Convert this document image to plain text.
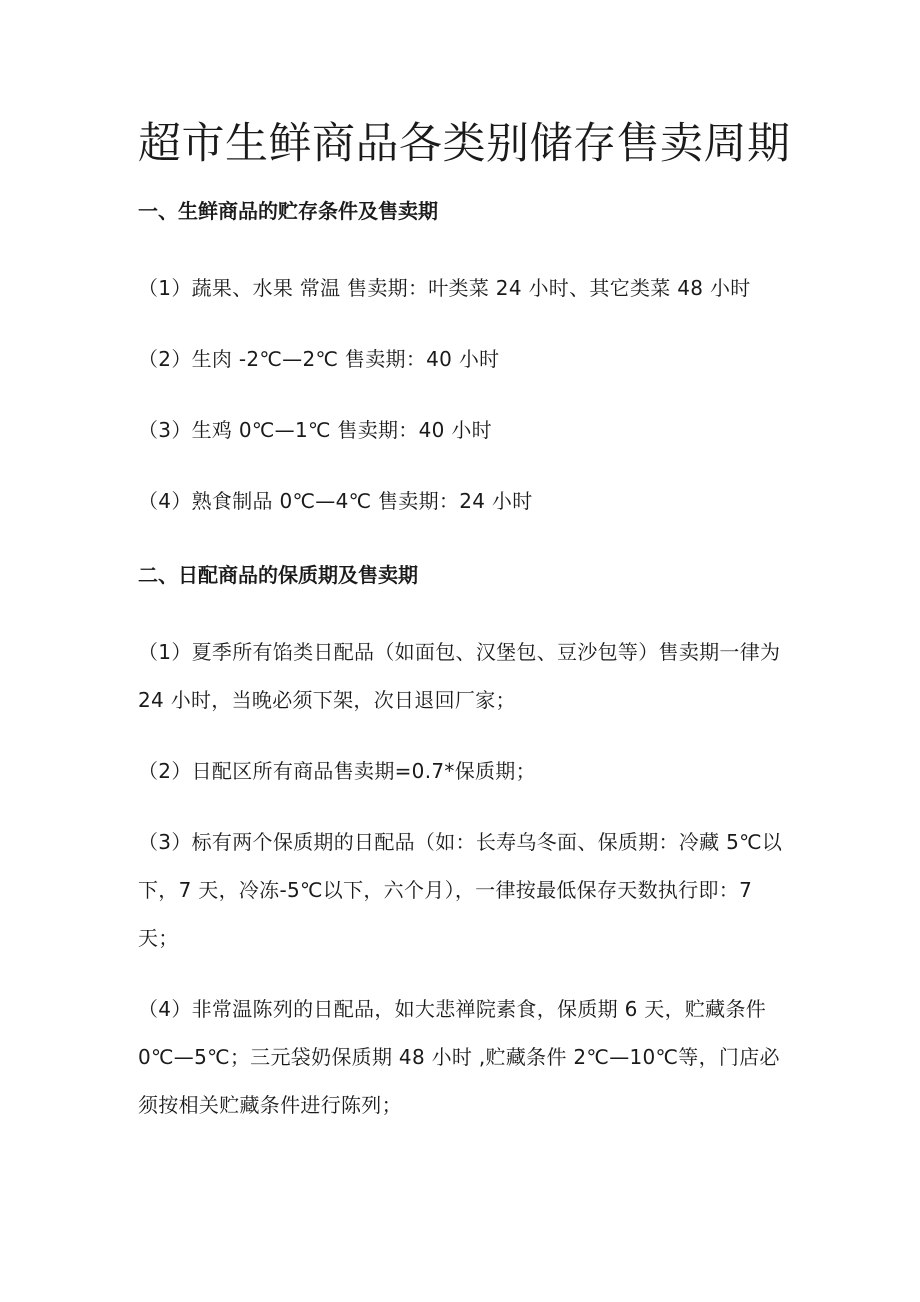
超市生鲜商品各类别储存售卖周期
一、生鲜商品的贮存条件及售卖期

（1）蔬果、水果 常温 售卖期：叶类菜 24 小时、其它类菜 48 小时

（2）生肉 -2℃—2℃ 售卖期：40 小时

（3）生鸡 0℃—1℃ 售卖期：40 小时

（4）熟食制品 0℃—4℃ 售卖期：24 小时

二、日配商品的保质期及售卖期

（1）夏季所有馅类日配品（如面包、汉堡包、豆沙包等）售卖期一律为 24 小时，当晚必须下架，次日退回厂家；

（2）日配区所有商品售卖期=0.7*保质期；

（3）标有两个保质期的日配品（如：长寿乌冬面、保质期：冷藏 5℃以下，7 天，冷冻-5℃以下，六个月），一律按最低保存天数执行即：7 天；

（4）非常温陈列的日配品，如大悲禅院素食，保质期 6 天，贮藏条件 0℃—5℃；三元袋奶保质期 48 小时 ,贮藏条件 2℃—10℃等，门店必须按相关贮藏条件进行陈列；
